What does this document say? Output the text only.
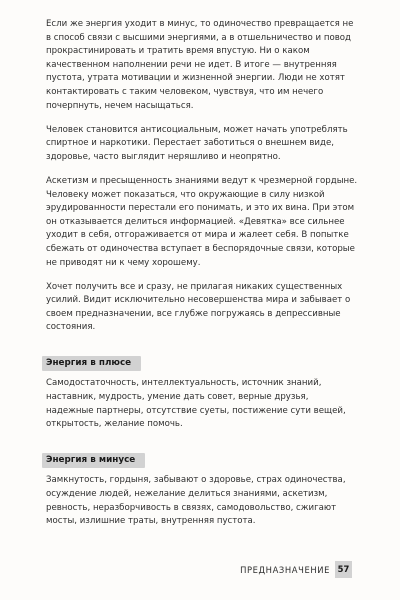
Если же энергия уходит в минус, то одиночество превращается не в способ связи с высшими энергиями, а в отшельничество и повод прокрастинировать и тратить время впустую. Ни о каком качественном наполнении речи не идет. В итоге — внутренняя пустота, утрата мотивации и жизненной энергии. Люди не хотят контактировать с таким человеком, чувствуя, что им нечего почерпнуть, нечем насыщаться.

Человек становится антисоциальным, может начать употреблять спиртное и наркотики. Перестает заботиться о внешнем виде, здоровье, часто выглядит неряшливо и неопрятно.

Аскетизм и пресыщенность знаниями ведут к чрезмерной гордыне. Человеку может показаться, что окружающие в силу низкой эрудированности перестали его понимать, и это их вина. При этом он отказывается делиться информацией. «Девятка» все сильнее уходит в себя, отгораживается от мира и жалеет себя. В попытке сбежать от одиночества вступает в беспорядочные связи, которые не приводят ни к чему хорошему.

Хочет получить все и сразу, не прилагая никаких существенных усилий. Видит исключительно несовершенства мира и забывает о своем предназначении, все глубже погружаясь в депрессивные состояния.

Энергия в плюсе

Самодостаточность, интеллектуальность, источник знаний, наставник, мудрость, умение дать совет, верные друзья, надежные партнеры, отсутствие суеты, постижение сути вещей, открытость, желание помочь.

Энергия в минусе

Замкнутость, гордыня, забывают о здоровье, страх одиночества, осуждение людей, нежелание делиться знаниями, аскетизм, ревность, неразборчивость в связях, самодовольство, сжигают мосты, излишние траты, внутренняя пустота.

ПРЕДНАЗНАЧЕНИЕ 57
